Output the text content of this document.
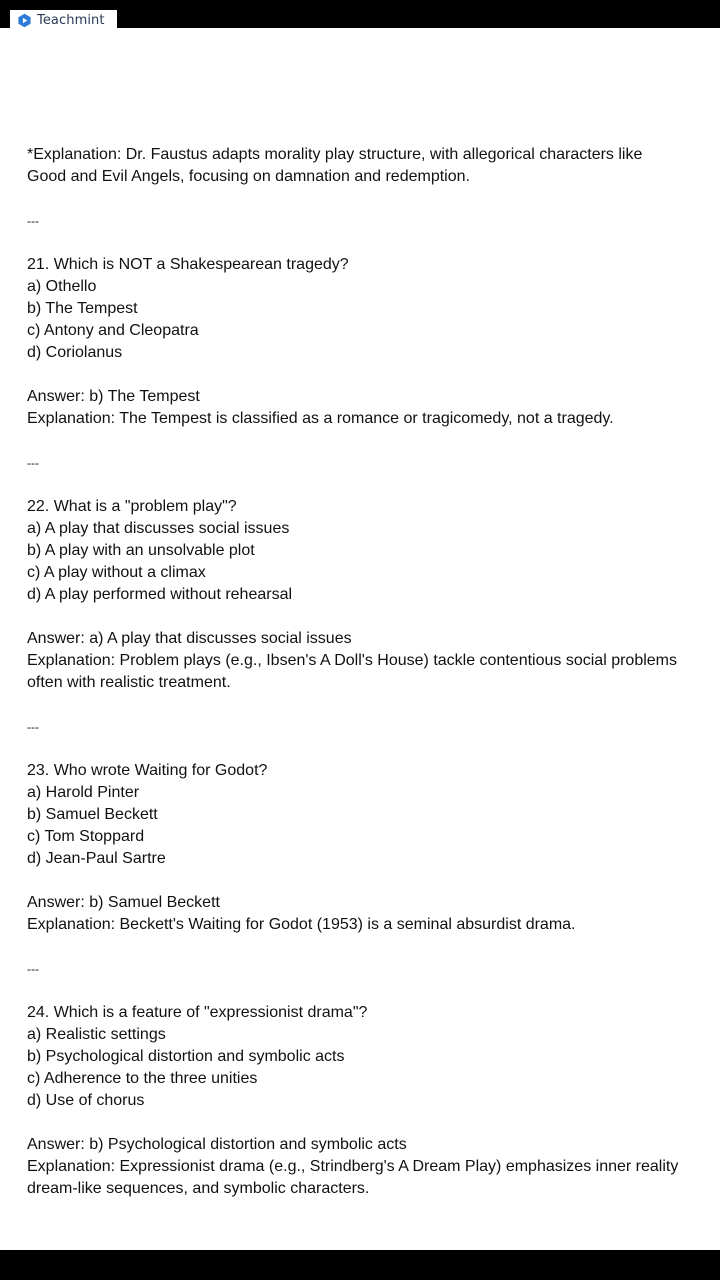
Teachmint
*Explanation: Dr. Faustus adapts morality play structure, with allegorical characters like
Good and Evil Angels, focusing on damnation and redemption.
---
21. Which is NOT a Shakespearean tragedy?
a) Othello
b) The Tempest
c) Antony and Cleopatra
d) Coriolanus
Answer: b) The Tempest
Explanation: The Tempest is classified as a romance or tragicomedy, not a tragedy.
---
22. What is a "problem play"?
a) A play that discusses social issues
b) A play with an unsolvable plot
c) A play without a climax
d) A play performed without rehearsal
Answer: a) A play that discusses social issues
Explanation: Problem plays (e.g., Ibsen's A Doll's House) tackle contentious social problems
often with realistic treatment.
---
23. Who wrote Waiting for Godot?
a) Harold Pinter
b) Samuel Beckett
c) Tom Stoppard
d) Jean-Paul Sartre
Answer: b) Samuel Beckett
Explanation: Beckett's Waiting for Godot (1953) is a seminal absurdist drama.
---
24. Which is a feature of "expressionist drama"?
a) Realistic settings
b) Psychological distortion and symbolic acts
c) Adherence to the three unities
d) Use of chorus
Answer: b) Psychological distortion and symbolic acts
Explanation: Expressionist drama (e.g., Strindberg's A Dream Play) emphasizes inner reality
dream-like sequences, and symbolic characters.
